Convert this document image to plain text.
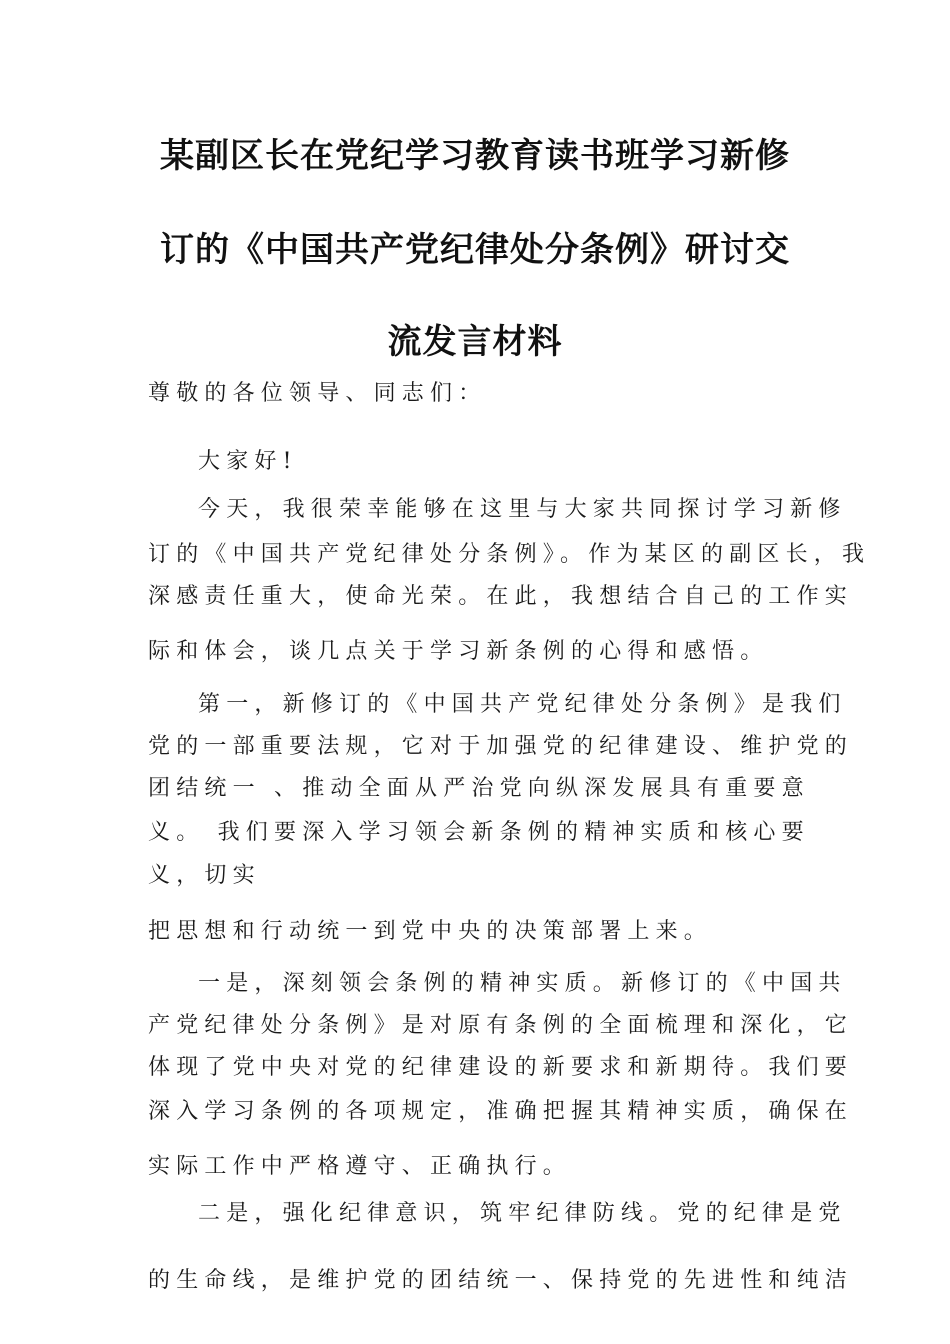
某副区长在党纪学习教育读书班学习新修
订的《中国共产党纪律处分条例》研讨交
流发言材料
尊敬的各位领导、同志们：
大家好!
今天，我很荣幸能够在这里与大家共同探讨学习新修
订的《中国共产党纪律处分条例》。作为某区的副区长，我
深感责任重大，使命光荣。在此，我想结合自己的工作实
际和体会，谈几点关于学习新条例的心得和感悟。
第一，新修订的《中国共产党纪律处分条例》是我们
党的一部重要法规，它对于加强党的纪律建设、维护党的
团结统一 、推动全面从严治党向纵深发展具有重要意
义。 我们要深入学习领会新条例的精神实质和核心要
义，切实
把思想和行动统一到党中央的决策部署上来。
一是，深刻领会条例的精神实质。新修订的《中国共
产党纪律处分条例》是对原有条例的全面梳理和深化，它
体现了党中央对党的纪律建设的新要求和新期待。我们要
深入学习条例的各项规定，准确把握其精神实质，确保在
实际工作中严格遵守、正确执行。
二是，强化纪律意识，筑牢纪律防线。党的纪律是党
的生命线，是维护党的团结统一、保持党的先进性和纯洁
